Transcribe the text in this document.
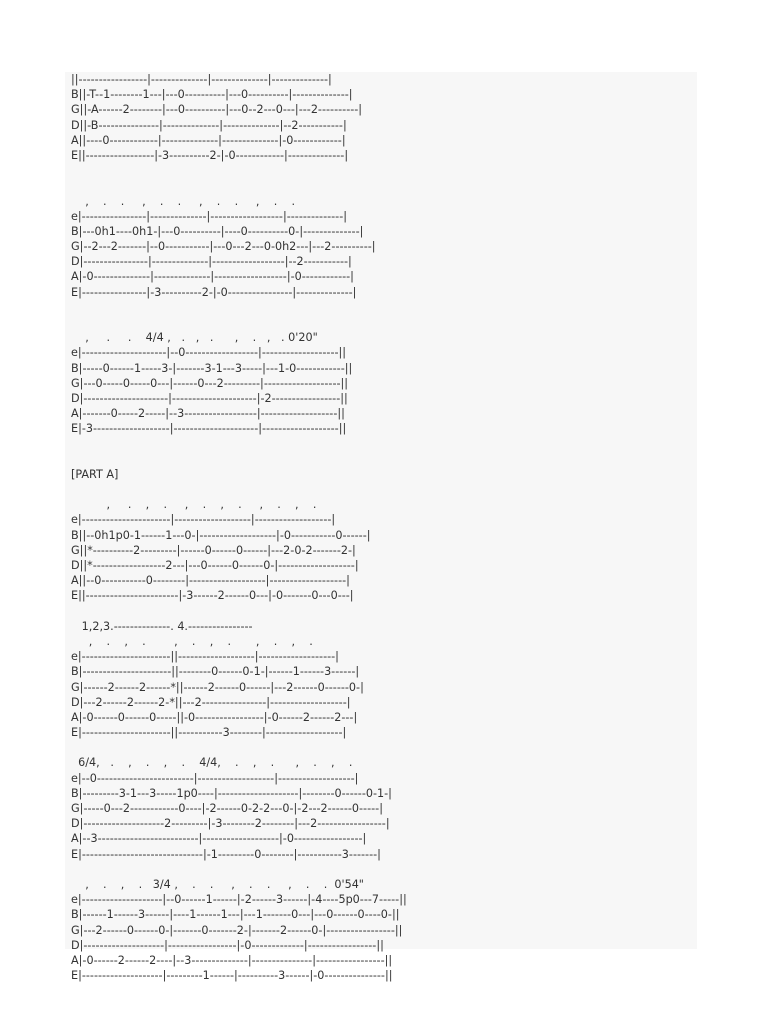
||-----------------|--------------|--------------|--------------|
B||-T--1--------1---|---0----------|---0----------|--------------|
G||-A------2--------|---0----------|---0--2---0---|---2----------|
D||-B---------------|--------------|--------------|--2-----------|
A||----0------------|--------------|--------------|-0------------|
E||-----------------|-3----------2-|-0------------|--------------|
,    .    .     ,    .    .     ,    .    .     ,    .    .
e|----------------|--------------|------------------|--------------|
B|---0h1----0h1-|---0----------|----0----------0-|--------------|
G|--2---2-------|--0-----------|---0---2---0-0h2---|---2----------|
D|----------------|--------------|------------------|--2-----------|
A|-0--------------|--------------|------------------|-0------------|
E|----------------|-3----------2-|-0----------------|--------------|
,     .     .    4/4 ,   .   ,   .      ,    .   ,   . 0'20"
e|---------------------|--0------------------|-------------------||
B|-----0------1-----3-|-------3-1---3-----|---1-0------------||
G|---0-----0-----0---|------0---2---------|-------------------||
D|---------------------|---------------------|-2-----------------||
A|-------0-----2-----|--3------------------|-------------------||
E|-3-------------------|---------------------|-------------------||
[PART A]
,     .    ,    .     ,    .    ,    .     ,    .    ,    .
e|----------------------|-------------------|-------------------|
B||--0h1p0-1------1---0-|-------------------|-0-----------0------|
G||*----------2---------|------0------0------|---2-0-2-------2-|
D||*------------------2---|---0------0------0-|-------------------|
A||--0-----------0--------|-------------------|-------------------|
E||-----------------------|-3------2------0---|-0-------0---0---|
1,2,3.--------------. 4.----------------
,    .    ,    .        ,    .    ,    .       ,    .    ,    .
e|----------------------||-------------------|-------------------|
B|----------------------||--------0------0-1-|------1------3------|
G|------2------2------*||------2------0------|---2------0------0-|
D|---2------2------2-*||---2----------------|-------------------|
A|-0------0------0-----||-0-----------------|-0------2------2---|
E|----------------------||-----------3--------|-------------------|
6/4,   .    ,    .    ,    .    4/4,    .    ,    .      ,    .    ,    .
e|--0------------------------|-------------------|-------------------|
B|---------3-1---3-----1p0----|--------------------|--------0------0-1-|
G|-----0---2------------0----|-2------0-2-2---0-|-2---2------0-----|
D|--------------------2---------|-3--------2--------|---2-----------------|
A|--3-------------------------|-------------------|-0-----------------|
E|------------------------------|-1---------0--------|-----------3-------|
,    .    ,    .   3/4 ,    .    .     ,    .    .     ,    .    .  0'54"
e|--------------------|--0------1------|-2------3------|-4----5p0---7-----||
B|------1------3------|----1------1---|---1-------0---|---0------0----0-||
G|---2------0------0-|-------0-------2-|-------2------0-|-----------------||
D|--------------------|-----------------|-0-------------|-----------------||
A|-0------2------2----|--3--------------|---------------|-----------------||
E|--------------------|---------1------|----------3------|-0---------------||
